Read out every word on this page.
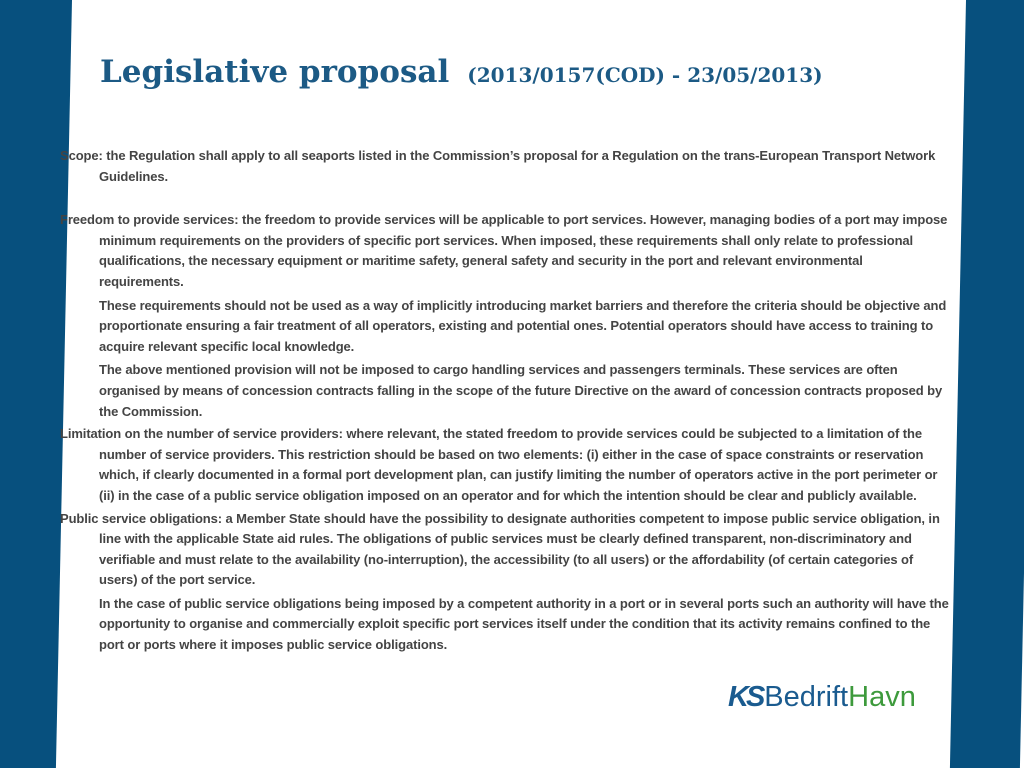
Legislative proposal (2013/0157(COD) - 23/05/2013)

Scope: the Regulation shall apply to all seaports listed in the Commission’s proposal for a Regulation on the trans-European Transport Network Guidelines.

Freedom to provide services: the freedom to provide services will be applicable to port services. However, managing bodies of a port may impose minimum requirements on the providers of specific port services. When imposed, these requirements shall only relate to professional qualifications, the necessary equipment or maritime safety, general safety and security in the port and relevant environmental requirements.

These requirements should not be used as a way of implicitly introducing market barriers and therefore the criteria should be objective and proportionate ensuring a fair treatment of all operators, existing and potential ones. Potential operators should have access to training to acquire relevant specific local knowledge.

The above mentioned provision will not be imposed to cargo handling services and passengers terminals. These services are often organised by means of concession contracts falling in the scope of the future Directive on the award of concession contracts proposed by the Commission.

Limitation on the number of service providers: where relevant, the stated freedom to provide services could be subjected to a limitation of the number of service providers. This restriction should be based on two elements: (i) either in the case of space constraints or reservation which, if clearly documented in a formal port development plan, can justify limiting the number of operators active in the port perimeter or (ii) in the case of a public service obligation imposed on an operator and for which the intention should be clear and publicly available.

Public service obligations: a Member State should have the possibility to designate authorities competent to impose public service obligation, in line with the applicable State aid rules. The obligations of public services must be clearly defined transparent, non-discriminatory and verifiable and must relate to the availability (no-interruption), the accessibility (to all users) or the affordability (of certain categories of users) of the port service.

In the case of public service obligations being imposed by a competent authority in a port or in several ports such an authority will have the opportunity to organise and commercially exploit specific port services itself under the condition that its activity remains confined to the port or ports where it imposes public service obligations.

KSBedriftHavn
